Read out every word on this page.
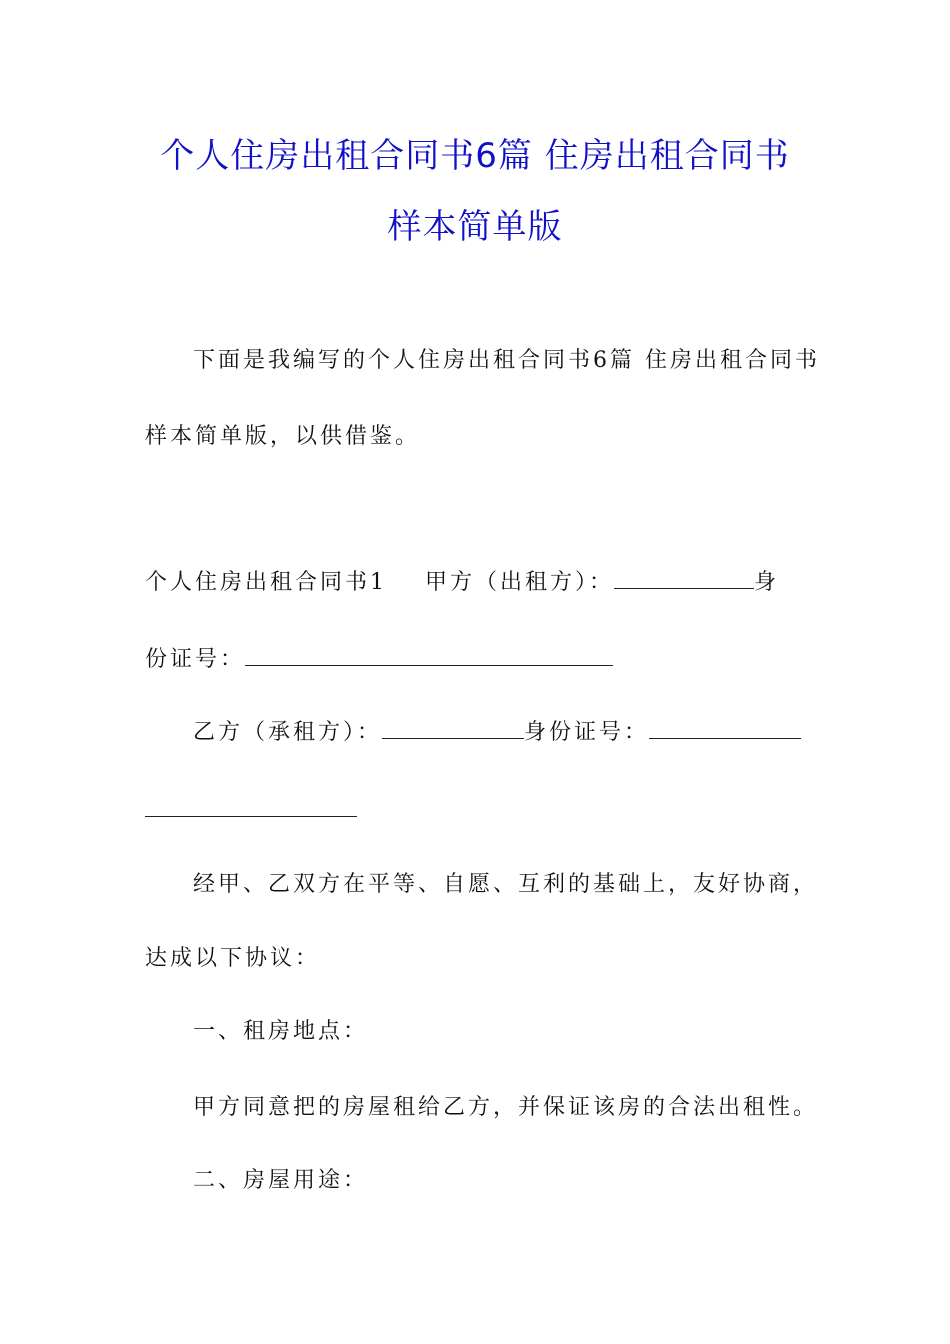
个人住房出租合同书6篇 住房出租合同书
样本简单版

下面是我编写的个人住房出租合同书6篇 住房出租合同书

样本简单版，以供借鉴。

个人住房出租合同书1 甲方（出租方）：	身

份证号：

乙方（承租方）：	身份证号：

经甲、乙双方在平等、自愿、互利的基础上，友好协商，

达成以下协议：

一、租房地点：

甲方同意把的房屋租给乙方，并保证该房的合法出租性。

二、房屋用途：
